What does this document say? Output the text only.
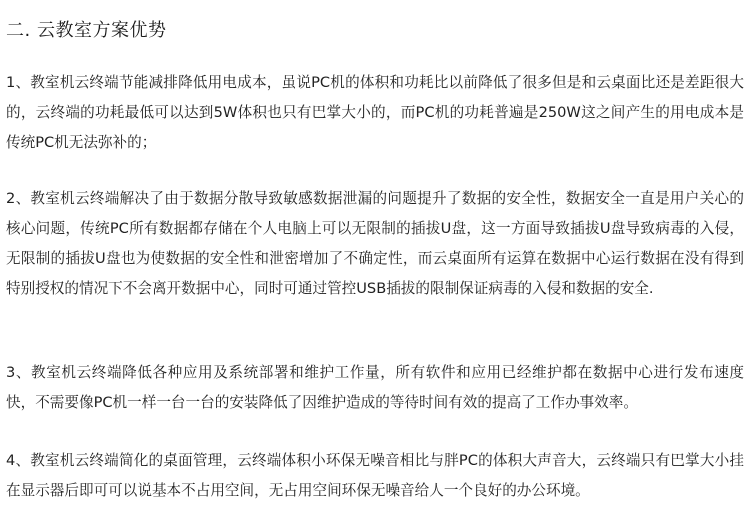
二. 云教室方案优势
1、教室机云终端节能减排降低用电成本，虽说PC机的体积和功耗比以前降低了很多但是和云桌面比还是差距很大的，云终端的功耗最低可以达到5W体积也只有巴掌大小的，而PC机的功耗普遍是250W这之间产生的用电成本是传统PC机无法弥补的；
2、教室机云终端解决了由于数据分散导致敏感数据泄漏的问题提升了数据的安全性，数据安全一直是用户关心的核心问题，传统PC所有数据都存储在个人电脑上可以无限制的插拔U盘，这一方面导致插拔U盘导致病毒的入侵，无限制的插拔U盘也为使数据的安全性和泄密增加了不确定性，而云桌面所有运算在数据中心运行数据在没有得到特别授权的情况下不会离开数据中心，同时可通过管控USB插拔的限制保证病毒的入侵和数据的安全.
3、教室机云终端降低各种应用及系统部署和维护工作量，所有软件和应用已经维护都在数据中心进行发布速度快，不需要像PC机一样一台一台的安装降低了因维护造成的等待时间有效的提高了工作办事效率。
4、教室机云终端简化的桌面管理，云终端体积小环保无噪音相比与胖PC的体积大声音大，云终端只有巴掌大小挂在显示器后即可可以说基本不占用空间，无占用空间环保无噪音给人一个良好的办公环境。
